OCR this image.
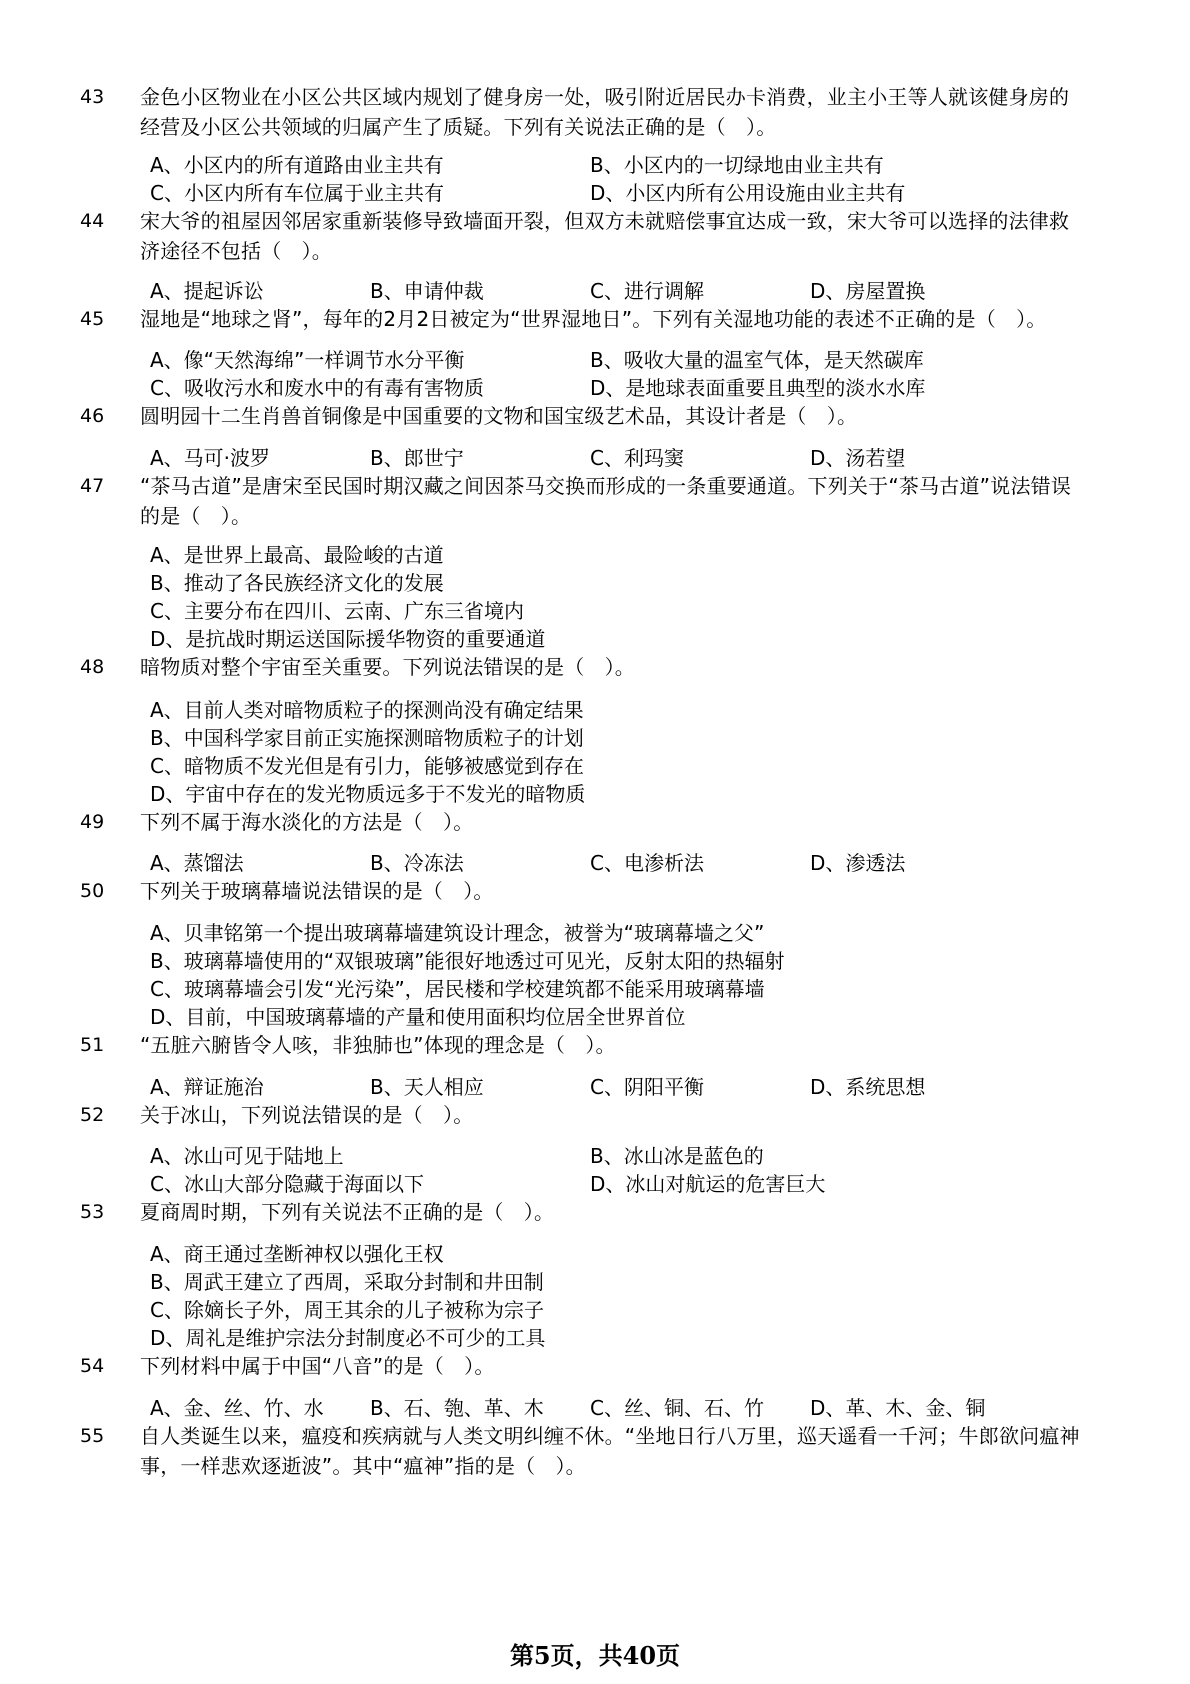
43	金色小区物业在小区公共区域内规划了健身房一处，吸引附近居民办卡消费，业主小王等人就该健身房的经营及小区公共领域的归属产生了质疑。下列有关说法正确的是（　）。
A、小区内的所有道路由业主共有	B、小区内的一切绿地由业主共有
C、小区内所有车位属于业主共有	D、小区内所有公用设施由业主共有
44	宋大爷的祖屋因邻居家重新装修导致墙面开裂，但双方未就赔偿事宜达成一致，宋大爷可以选择的法律救济途径不包括（　）。
A、提起诉讼	B、申请仲裁	C、进行调解	D、房屋置换
45	湿地是“地球之肾”，每年的2月2日被定为“世界湿地日”。下列有关湿地功能的表述不正确的是（　）。
A、像“天然海绵”一样调节水分平衡	B、吸收大量的温室气体，是天然碳库
C、吸收污水和废水中的有毒有害物质	D、是地球表面重要且典型的淡水水库
46	圆明园十二生肖兽首铜像是中国重要的文物和国宝级艺术品，其设计者是（　）。
A、马可·波罗	B、郎世宁	C、利玛窦	D、汤若望
47	“茶马古道”是唐宋至民国时期汉藏之间因茶马交换而形成的一条重要通道。下列关于“茶马古道”说法错误的是（　）。
A、是世界上最高、最险峻的古道
B、推动了各民族经济文化的发展
C、主要分布在四川、云南、广东三省境内
D、是抗战时期运送国际援华物资的重要通道
48	暗物质对整个宇宙至关重要。下列说法错误的是（　）。
A、目前人类对暗物质粒子的探测尚没有确定结果
B、中国科学家目前正实施探测暗物质粒子的计划
C、暗物质不发光但是有引力，能够被感觉到存在
D、宇宙中存在的发光物质远多于不发光的暗物质
49	下列不属于海水淡化的方法是（　）。
A、蒸馏法	B、冷冻法	C、电渗析法	D、渗透法
50	下列关于玻璃幕墙说法错误的是（　）。
A、贝聿铭第一个提出玻璃幕墙建筑设计理念，被誉为“玻璃幕墙之父”
B、玻璃幕墙使用的“双银玻璃”能很好地透过可见光，反射太阳的热辐射
C、玻璃幕墙会引发“光污染”，居民楼和学校建筑都不能采用玻璃幕墙
D、目前，中国玻璃幕墙的产量和使用面积均位居全世界首位
51	“五脏六腑皆令人咳，非独肺也”体现的理念是（　）。
A、辩证施治	B、天人相应	C、阴阳平衡	D、系统思想
52	关于冰山，下列说法错误的是（　）。
A、冰山可见于陆地上	B、冰山冰是蓝色的
C、冰山大部分隐藏于海面以下	D、冰山对航运的危害巨大
53	夏商周时期，下列有关说法不正确的是（　）。
A、商王通过垄断神权以强化王权
B、周武王建立了西周，采取分封制和井田制
C、除嫡长子外，周王其余的儿子被称为宗子
D、周礼是维护宗法分封制度必不可少的工具
54	下列材料中属于中国“八音”的是（　）。
A、金、丝、竹、水 B、石、匏、革、木 C、丝、铜、石、竹 D、革、木、金、铜
55	自人类诞生以来，瘟疫和疾病就与人类文明纠缠不休。“坐地日行八万里，巡天遥看一千河；牛郎欲问瘟神事，一样悲欢逐逝波”。其中“瘟神”指的是（　）。
第5页，共40页
